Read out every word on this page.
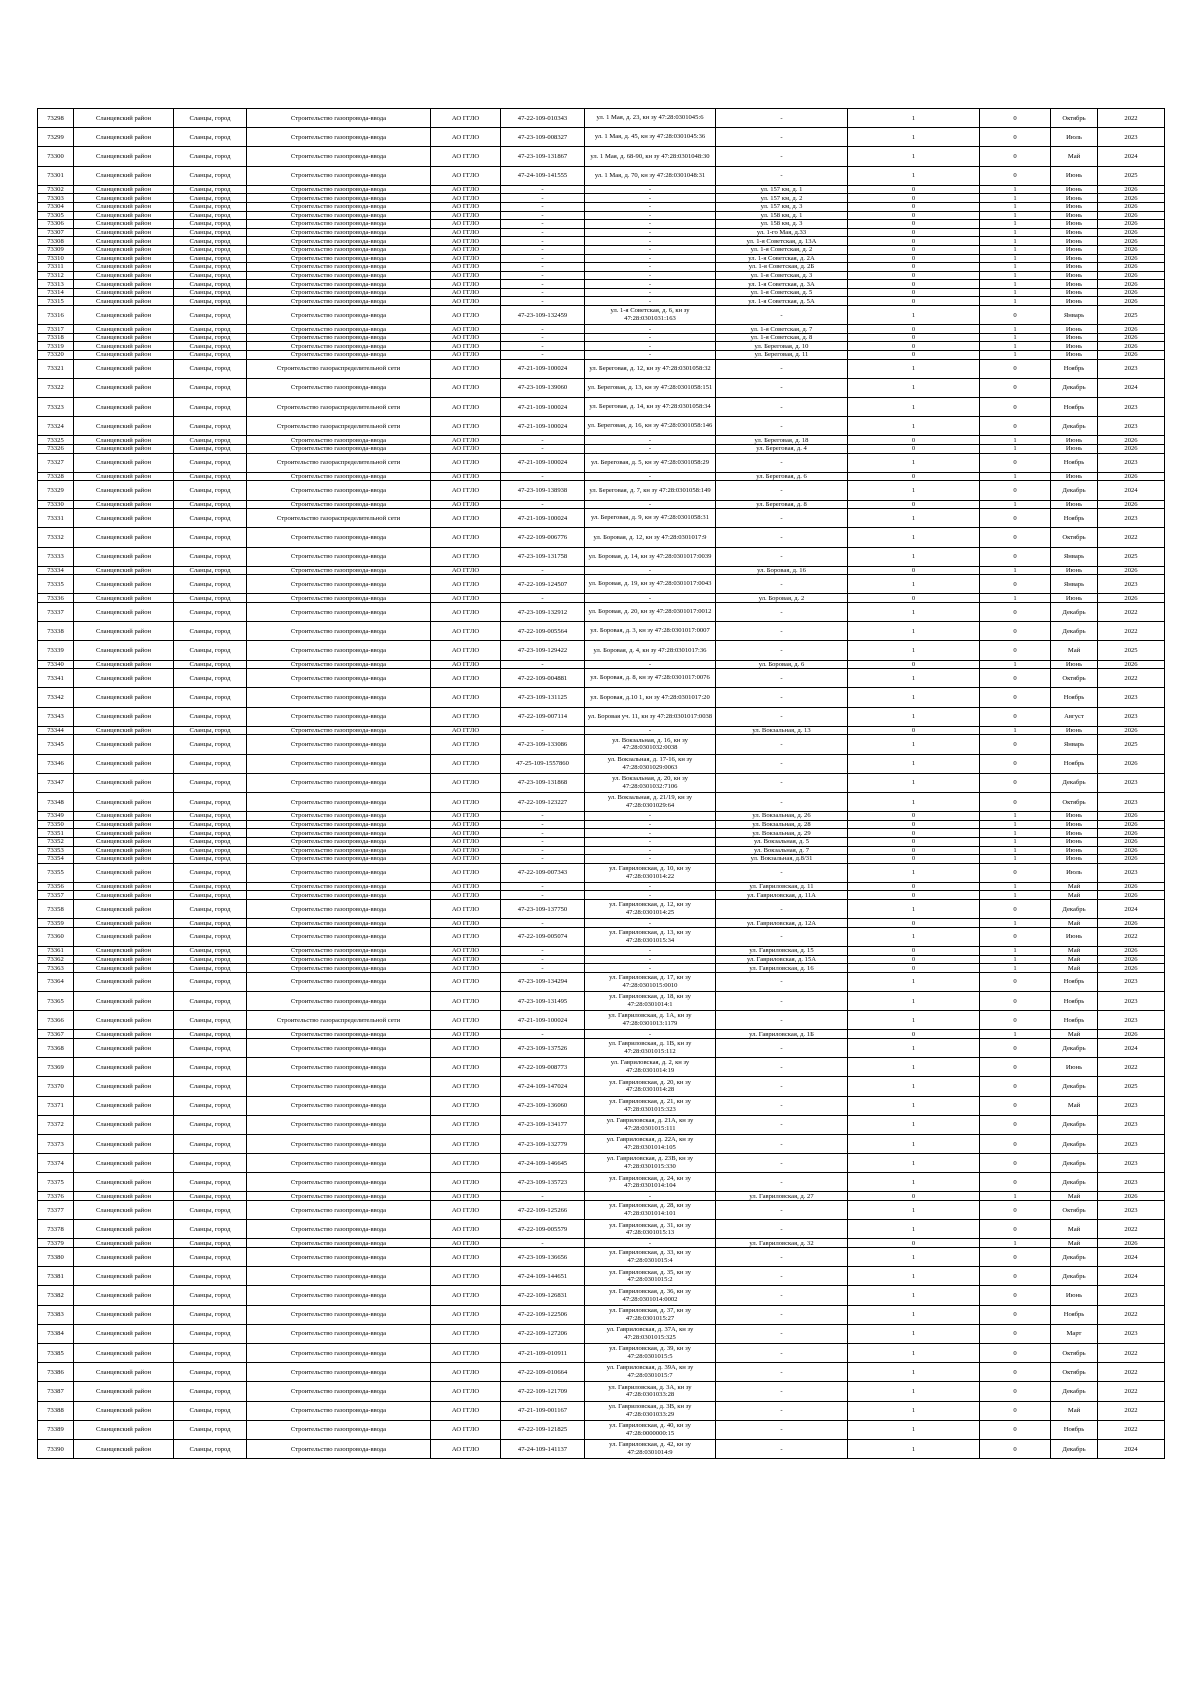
73298	Сланцевский район	Сланцы, город	Строительство газопровода-ввода	АО ГГЛО	47-22-109-010343	ул. 1 Мая, д. 23, кн зу 47:28:0301045:6	-	1	0	Октябрь	2022
73299	Сланцевский район	Сланцы, город	Строительство газопровода-ввода	АО ГГЛО	47-23-109-008327	ул. 1 Мая, д. 45, кн зу 47:28:0301045:36	-	1	0	Июль	2023
73300	Сланцевский район	Сланцы, город	Строительство газопровода-ввода	АО ГГЛО	47-23-109-131867	ул. 1 Мая, д. 68-90, кн зу 47:28:0301048:30	-	1	0	Май	2024
73301	Сланцевский район	Сланцы, город	Строительство газопровода-ввода	АО ГГЛО	47-24-109-141555	ул. 1 Мая, д. 70, кн зу 47:28:0301048:31	-	1	0	Июнь	2025
73302	Сланцевский район	Сланцы, город	Строительство газопровода-ввода	АО ГГЛО	-	-	ул. 157 км, д. 1	0	1	Июнь	2026
73303	Сланцевский район	Сланцы, город	Строительство газопровода-ввода	АО ГГЛО	-	-	ул. 157 км, д. 2	0	1	Июнь	2026
73304	Сланцевский район	Сланцы, город	Строительство газопровода-ввода	АО ГГЛО	-	-	ул. 157 км, д. 3	0	1	Июнь	2026
73305	Сланцевский район	Сланцы, город	Строительство газопровода-ввода	АО ГГЛО	-	-	ул. 158 км, д. 1	0	1	Июнь	2026
73306	Сланцевский район	Сланцы, город	Строительство газопровода-ввода	АО ГГЛО	-	-	ул. 158 км, д. 3	0	1	Июнь	2026
73307	Сланцевский район	Сланцы, город	Строительство газопровода-ввода	АО ГГЛО	-	-	ул. 1-го Мая, д.33	0	1	Июнь	2026
73308	Сланцевский район	Сланцы, город	Строительство газопровода-ввода	АО ГГЛО	-	-	ул. 1-я Советская, д. 13А	0	1	Июнь	2026
73309	Сланцевский район	Сланцы, город	Строительство газопровода-ввода	АО ГГЛО	-	-	ул. 1-я Советская, д. 2	0	1	Июнь	2026
73310	Сланцевский район	Сланцы, город	Строительство газопровода-ввода	АО ГГЛО	-	-	ул. 1-я Советская, д. 2А	0	1	Июнь	2026
73311	Сланцевский район	Сланцы, город	Строительство газопровода-ввода	АО ГГЛО	-	-	ул. 1-я Советская, д. 2Б	0	1	Июнь	2026
73312	Сланцевский район	Сланцы, город	Строительство газопровода-ввода	АО ГГЛО	-	-	ул. 1-я Советская, д. 3	0	1	Июнь	2026
73313	Сланцевский район	Сланцы, город	Строительство газопровода-ввода	АО ГГЛО	-	-	ул. 1-я Советская, д. 3А	0	1	Июнь	2026
73314	Сланцевский район	Сланцы, город	Строительство газопровода-ввода	АО ГГЛО	-	-	ул. 1-я Советская, д. 5	0	1	Июнь	2026
73315	Сланцевский район	Сланцы, город	Строительство газопровода-ввода	АО ГГЛО	-	-	ул. 1-я Советская, д. 5А	0	1	Июнь	2026
73316	Сланцевский район	Сланцы, город	Строительство газопровода-ввода	АО ГГЛО	47-23-109-132459	ул. 1-я Советская, д. 6, кн зу 47:28:0301031:163	-	1	0	Январь	2025
73317	Сланцевский район	Сланцы, город	Строительство газопровода-ввода	АО ГГЛО	-	-	ул. 1-я Советская, д. 7	0	1	Июнь	2026
73318	Сланцевский район	Сланцы, город	Строительство газопровода-ввода	АО ГГЛО	-	-	ул. 1-я Советская, д. 8	0	1	Июнь	2026
73319	Сланцевский район	Сланцы, город	Строительство газопровода-ввода	АО ГГЛО	-	-	ул. Береговая, д. 10	0	1	Июнь	2026
73320	Сланцевский район	Сланцы, город	Строительство газопровода-ввода	АО ГГЛО	-	-	ул. Береговая, д. 11	0	1	Июнь	2026
73321	Сланцевский район	Сланцы, город	Строительство газораспределительной сети	АО ГГЛО	47-21-109-100024	ул. Береговая, д. 12, кн зу 47:28:0301058:32	-	1	0	Ноябрь	2023
73322	Сланцевский район	Сланцы, город	Строительство газопровода-ввода	АО ГГЛО	47-23-109-139060	ул. Береговая, д. 13, кн зу 47:28:0301058:151	-	1	0	Декабрь	2024
73323	Сланцевский район	Сланцы, город	Строительство газораспределительной сети	АО ГГЛО	47-21-109-100024	ул. Береговая, д. 14, кн зу 47:28:0301058:34	-	1	0	Ноябрь	2023
73324	Сланцевский район	Сланцы, город	Строительство газораспределительной сети	АО ГГЛО	47-21-109-100024	ул. Береговая, д. 16, кн зу 47:28:0301058:146	-	1	0	Декабрь	2023
73325	Сланцевский район	Сланцы, город	Строительство газопровода-ввода	АО ГГЛО	-	-	ул. Береговая, д. 18	0	1	Июнь	2026
73326	Сланцевский район	Сланцы, город	Строительство газопровода-ввода	АО ГГЛО	-	-	ул. Береговая, д. 4	0	1	Июнь	2026
73327	Сланцевский район	Сланцы, город	Строительство газораспределительной сети	АО ГГЛО	47-21-109-100024	ул. Береговая, д. 5, кн зу 47:28:0301058:29	-	1	0	Ноябрь	2023
73328	Сланцевский район	Сланцы, город	Строительство газопровода-ввода	АО ГГЛО	-	-	ул. Береговая, д. 6	0	1	Июнь	2026
73329	Сланцевский район	Сланцы, город	Строительство газопровода-ввода	АО ГГЛО	47-23-109-138938	ул. Береговая, д. 7, кн зу 47:28:0301058:149	-	1	0	Декабрь	2024
73330	Сланцевский район	Сланцы, город	Строительство газопровода-ввода	АО ГГЛО	-	-	ул. Береговая, д. 8	0	1	Июнь	2026
73331	Сланцевский район	Сланцы, город	Строительство газораспределительной сети	АО ГГЛО	47-21-109-100024	ул. Береговая, д. 9, кн зу 47:28:0301058:31	-	1	0	Ноябрь	2023
73332	Сланцевский район	Сланцы, город	Строительство газопровода-ввода	АО ГГЛО	47-22-109-006776	ул. Боровая, д. 12, кн зу 47:28:0301017:9	-	1	0	Октябрь	2022
73333	Сланцевский район	Сланцы, город	Строительство газопровода-ввода	АО ГГЛО	47-23-109-131758	ул. Боровая, д. 14, кн зу 47:28:0301017:0039	-	1	0	Январь	2025
73334	Сланцевский район	Сланцы, город	Строительство газопровода-ввода	АО ГГЛО	-	-	ул. Боровая, д. 16	0	1	Июнь	2026
73335	Сланцевский район	Сланцы, город	Строительство газопровода-ввода	АО ГГЛО	47-22-109-124507	ул. Боровая, д. 19, кн зу 47:28:0301017:0043	-	1	0	Январь	2023
73336	Сланцевский район	Сланцы, город	Строительство газопровода-ввода	АО ГГЛО	-	-	ул. Боровая, д. 2	0	1	Июнь	2026
73337	Сланцевский район	Сланцы, город	Строительство газопровода-ввода	АО ГГЛО	47-23-109-132912	ул. Боровая, д. 20, кн зу 47:28:0301017:0012	-	1	0	Декабрь	2022
73338	Сланцевский район	Сланцы, город	Строительство газопровода-ввода	АО ГГЛО	47-22-109-005564	ул. Боровая, д. 3, кн зу 47:28:0301017:0007	-	1	0	Декабрь	2022
73339	Сланцевский район	Сланцы, город	Строительство газопровода-ввода	АО ГГЛО	47-23-109-129422	ул. Боровая, д. 4, кн зу 47:28:0301017:36	-	1	0	Май	2025
73340	Сланцевский район	Сланцы, город	Строительство газопровода-ввода	АО ГГЛО	-	-	ул. Боровая, д. 6	0	1	Июнь	2026
73341	Сланцевский район	Сланцы, город	Строительство газопровода-ввода	АО ГГЛО	47-22-109-004881	ул. Боровая, д. 8, кн зу 47:28:0301017:0076	-	1	0	Октябрь	2022
73342	Сланцевский район	Сланцы, город	Строительство газопровода-ввода	АО ГГЛО	47-23-109-131125	ул. Боровая, д.10 1, кн зу 47:28:0301017:20	-	1	0	Ноябрь	2023
73343	Сланцевский район	Сланцы, город	Строительство газопровода-ввода	АО ГГЛО	47-22-109-007114	ул. Боровая уч. 11, кн зу 47:28:0301017:0038	-	1	0	Август	2023
73344	Сланцевский район	Сланцы, город	Строительство газопровода-ввода	АО ГГЛО	-	-	ул. Вокзальная, д. 13	0	1	Июнь	2026
73345	Сланцевский район	Сланцы, город	Строительство газопровода-ввода	АО ГГЛО	47-23-109-133086	ул. Вокзальная, д. 16, кн зу 47:28:0301032:0038	-	1	0	Январь	2025
73346	Сланцевский район	Сланцы, город	Строительство газопровода-ввода	АО ГГЛО	47-25-109-1557860	ул. Вокзальная, д. 17-16, кн зу 47:28:0301029:0063	-	1	0	Ноябрь	2026
73347	Сланцевский район	Сланцы, город	Строительство газопровода-ввода	АО ГГЛО	47-23-109-131868	ул. Вокзальная, д. 20, кн зу 47:28:0301032:7106	-	1	0	Декабрь	2023
73348	Сланцевский район	Сланцы, город	Строительство газопровода-ввода	АО ГГЛО	47-22-109-123227	ул. Вокзальная, д. 21/19, кн зу 47:28:0301029:64	-	1	0	Октябрь	2023
73349	Сланцевский район	Сланцы, город	Строительство газопровода-ввода	АО ГГЛО	-	-	ул. Вокзальная, д. 26	0	1	Июнь	2026
73350	Сланцевский район	Сланцы, город	Строительство газопровода-ввода	АО ГГЛО	-	-	ул. Вокзальная, д. 28	0	1	Июнь	2026
73351	Сланцевский район	Сланцы, город	Строительство газопровода-ввода	АО ГГЛО	-	-	ул. Вокзальная, д. 29	0	1	Июнь	2026
73352	Сланцевский район	Сланцы, город	Строительство газопровода-ввода	АО ГГЛО	-	-	ул. Вокзальная, д. 5	0	1	Июнь	2026
73353	Сланцевский район	Сланцы, город	Строительство газопровода-ввода	АО ГГЛО	-	-	ул. Вокзальная, д. 7	0	1	Июнь	2026
73354	Сланцевский район	Сланцы, город	Строительство газопровода-ввода	АО ГГЛО	-	-	ул. Вокзальная, д.8/31	0	1	Июнь	2026
73355	Сланцевский район	Сланцы, город	Строительство газопровода-ввода	АО ГГЛО	47-22-109-007343	ул. Гавриловская, д. 10, кн зу 47:28:0301014:22	-	1	0	Июль	2023
73356	Сланцевский район	Сланцы, город	Строительство газопровода-ввода	АО ГГЛО	-	-	ул. Гавриловская, д. 11	0	1	Май	2026
73357	Сланцевский район	Сланцы, город	Строительство газопровода-ввода	АО ГГЛО	-	-	ул. Гавриловская, д. 11А	0	1	Май	2026
73358	Сланцевский район	Сланцы, город	Строительство газопровода-ввода	АО ГГЛО	47-23-109-137750	ул. Гавриловская, д. 12, кн зу 47:28:0301014:25	-	1	0	Декабрь	2024
73359	Сланцевский район	Сланцы, город	Строительство газопровода-ввода	АО ГГЛО	-	-	ул. Гавриловская, д. 12А	0	1	Май	2026
73360	Сланцевский район	Сланцы, город	Строительство газопровода-ввода	АО ГГЛО	47-22-109-005074	ул. Гавриловская, д. 13, кн зу 47:28:0301015:34	-	1	0	Июнь	2022
73361	Сланцевский район	Сланцы, город	Строительство газопровода-ввода	АО ГГЛО	-	-	ул. Гавриловская, д. 15	0	1	Май	2026
73362	Сланцевский район	Сланцы, город	Строительство газопровода-ввода	АО ГГЛО	-	-	ул. Гавриловская, д. 15А	0	1	Май	2026
73363	Сланцевский район	Сланцы, город	Строительство газопровода-ввода	АО ГГЛО	-	-	ул. Гавриловская, д. 16	0	1	Май	2026
73364	Сланцевский район	Сланцы, город	Строительство газопровода-ввода	АО ГГЛО	47-23-109-134294	ул. Гавриловская, д. 17, кн зу 47:28:0301015:0010	-	1	0	Ноябрь	2023
73365	Сланцевский район	Сланцы, город	Строительство газопровода-ввода	АО ГГЛО	47-23-109-131495	ул. Гавриловская, д. 18, кн зу 47:28:0301014:1	-	1	0	Ноябрь	2023
73366	Сланцевский район	Сланцы, город	Строительство газораспределительной сети	АО ГГЛО	47-21-109-100024	ул. Гавриловская, д. 1А, кн зу 47:28:0301013:1179	-	1	0	Ноябрь	2023
73367	Сланцевский район	Сланцы, город	Строительство газопровода-ввода	АО ГГЛО	-	-	ул. Гавриловская, д. 1Б	0	1	Май	2026
73368	Сланцевский район	Сланцы, город	Строительство газопровода-ввода	АО ГГЛО	47-23-109-137526	ул. Гавриловская, д. 1В, кн зу 47:28:0301015:112	-	1	0	Декабрь	2024
73369	Сланцевский район	Сланцы, город	Строительство газопровода-ввода	АО ГГЛО	47-22-109-008773	ул. Гавриловская, д. 2, кн зу 47:28:0301014:19	-	1	0	Июнь	2022
73370	Сланцевский район	Сланцы, город	Строительство газопровода-ввода	АО ГГЛО	47-24-109-147024	ул. Гавриловская, д. 20, кн зу 47:28:0301014:28	-	1	0	Декабрь	2025
73371	Сланцевский район	Сланцы, город	Строительство газопровода-ввода	АО ГГЛО	47-23-109-136060	ул. Гавриловская, д. 21, кн зу 47:28:0301015:323	-	1	0	Май	2023
73372	Сланцевский район	Сланцы, город	Строительство газопровода-ввода	АО ГГЛО	47-23-109-134177	ул. Гавриловская, д. 21А, кн зу 47:28:0301015:111	-	1	0	Декабрь	2023
73373	Сланцевский район	Сланцы, город	Строительство газопровода-ввода	АО ГГЛО	47-23-109-132779	ул. Гавриловская, д. 22А, кн зу 47:28:0301014:105	-	1	0	Декабрь	2023
73374	Сланцевский район	Сланцы, город	Строительство газопровода-ввода	АО ГГЛО	47-24-109-146645	ул. Гавриловская, д. 23В, кн зу 47:28:0301015:330	-	1	0	Декабрь	2023
73375	Сланцевский район	Сланцы, город	Строительство газопровода-ввода	АО ГГЛО	47-23-109-135723	ул. Гавриловская, д. 24, кн зу 47:28:0301014:104	-	1	0	Декабрь	2023
73376	Сланцевский район	Сланцы, город	Строительство газопровода-ввода	АО ГГЛО	-	-	ул. Гавриловская, д. 27	0	1	Май	2026
73377	Сланцевский район	Сланцы, город	Строительство газопровода-ввода	АО ГГЛО	47-22-109-125266	ул. Гавриловская, д. 28, кн зу 47:28:0301014:101	-	1	0	Октябрь	2023
73378	Сланцевский район	Сланцы, город	Строительство газопровода-ввода	АО ГГЛО	47-22-109-005579	ул. Гавриловская, д. 31, кн зу 47:28:0301015:13	-	1	0	Май	2022
73379	Сланцевский район	Сланцы, город	Строительство газопровода-ввода	АО ГГЛО	-	-	ул. Гавриловская, д. 32	0	1	Май	2026
73380	Сланцевский район	Сланцы, город	Строительство газопровода-ввода	АО ГГЛО	47-23-109-136656	ул. Гавриловская, д. 33, кн зу 47:28:0301015:4	-	1	0	Декабрь	2024
73381	Сланцевский район	Сланцы, город	Строительство газопровода-ввода	АО ГГЛО	47-24-109-144651	ул. Гавриловская, д. 35, кн зу 47:28:0301015:2	-	1	0	Декабрь	2024
73382	Сланцевский район	Сланцы, город	Строительство газопровода-ввода	АО ГГЛО	47-22-109-126831	ул. Гавриловская, д. 36, кн зу 47:28:0301014:0002	-	1	0	Июнь	2023
73383	Сланцевский район	Сланцы, город	Строительство газопровода-ввода	АО ГГЛО	47-22-109-122506	ул. Гавриловская, д. 37, кн зу 47:28:0301015:27	-	1	0	Ноябрь	2022
73384	Сланцевский район	Сланцы, город	Строительство газопровода-ввода	АО ГГЛО	47-22-109-127206	ул. Гавриловская, д. 37А, кн зу 47:28:0301015:325	-	1	0	Март	2023
73385	Сланцевский район	Сланцы, город	Строительство газопровода-ввода	АО ГГЛО	47-21-109-010911	ул. Гавриловская, д. 39, кн зу 47:28:0301015:5	-	1	0	Октябрь	2022
73386	Сланцевский район	Сланцы, город	Строительство газопровода-ввода	АО ГГЛО	47-22-109-010664	ул. Гавриловская, д. 39А, кн зу 47:28:0301015:7	-	1	0	Октябрь	2022
73387	Сланцевский район	Сланцы, город	Строительство газопровода-ввода	АО ГГЛО	47-22-109-121709	ул. Гавриловская, д. 3А, кн зу 47:28:0301033:28	-	1	0	Декабрь	2022
73388	Сланцевский район	Сланцы, город	Строительство газопровода-ввода	АО ГГЛО	47-21-109-001167	ул. Гавриловская, д. 3В, кн зу 47:28:0301033:29	-	1	0	Май	2022
73389	Сланцевский район	Сланцы, город	Строительство газопровода-ввода	АО ГГЛО	47-22-109-121825	ул. Гавриловская, д. 40, кн зу 47:28:0000000:15	-	1	0	Ноябрь	2022
73390	Сланцевский район	Сланцы, город	Строительство газопровода-ввода	АО ГГЛО	47-24-109-141137	ул. Гавриловская, д. 42, кн зу 47:28:0301014:9	-	1	0	Декабрь	2024
